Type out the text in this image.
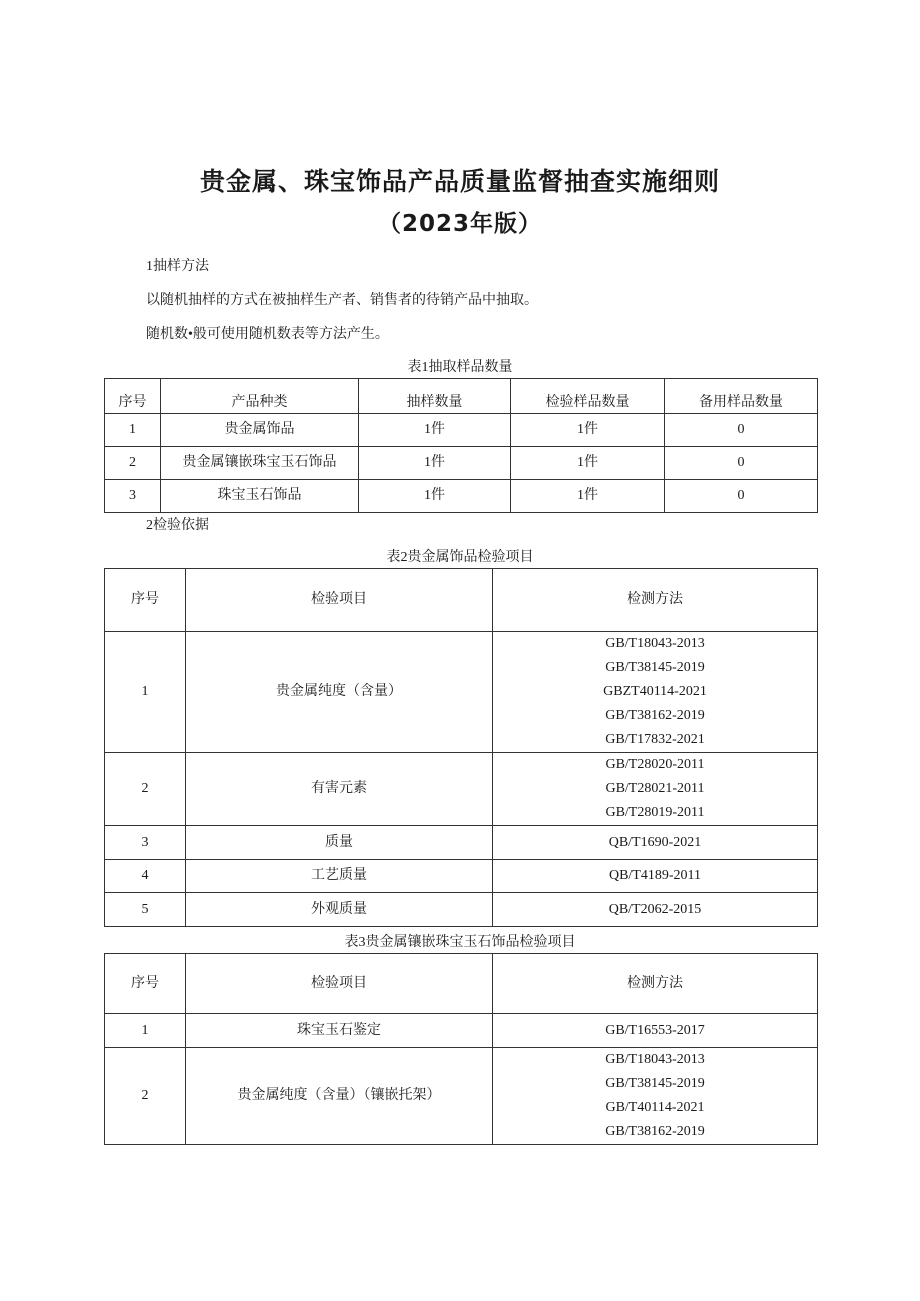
贵金属、珠宝饰品产品质量监督抽查实施细则
（2023年版）
1抽样方法
以随机抽样的方式在被抽样生产者、销售者的待销产品中抽取。
随机数•般可使用随机数表等方法产生。
表1抽取样品数量
序号	产品种类	抽样数量	检验样品数量	备用样品数量
1	贵金属饰品	1件	1件	0
2	贵金属镶嵌珠宝玉石饰品	1件	1件	0
3	珠宝玉石饰品	1件	1件	0
2检验依据
表2贵金属饰品检验项目
序号	检验项目	检测方法
1	贵金属纯度（含量）	GB/T18043-2013
GB/T38145-2019
GBZT40114-2021
GB/T38162-2019
GB/T17832-2021

2	有害元素	GB/T28020-2011
GB/T28021-2011
GB/T28019-2011

3	质量	QB/T1690-2021
4	工艺质量	QB/T4189-2011
5	外观质量	QB/T2062-2015
表3贵金属镶嵌珠宝玉石饰品检验项目
序号	检验项目	检测方法
1	珠宝玉石鉴定	GB/T16553-2017
2	贵金属纯度（含量）（镶嵌托架）	GB/T18043-2013
GB/T38145-2019
GB/T40114-2021
GB/T38162-2019
